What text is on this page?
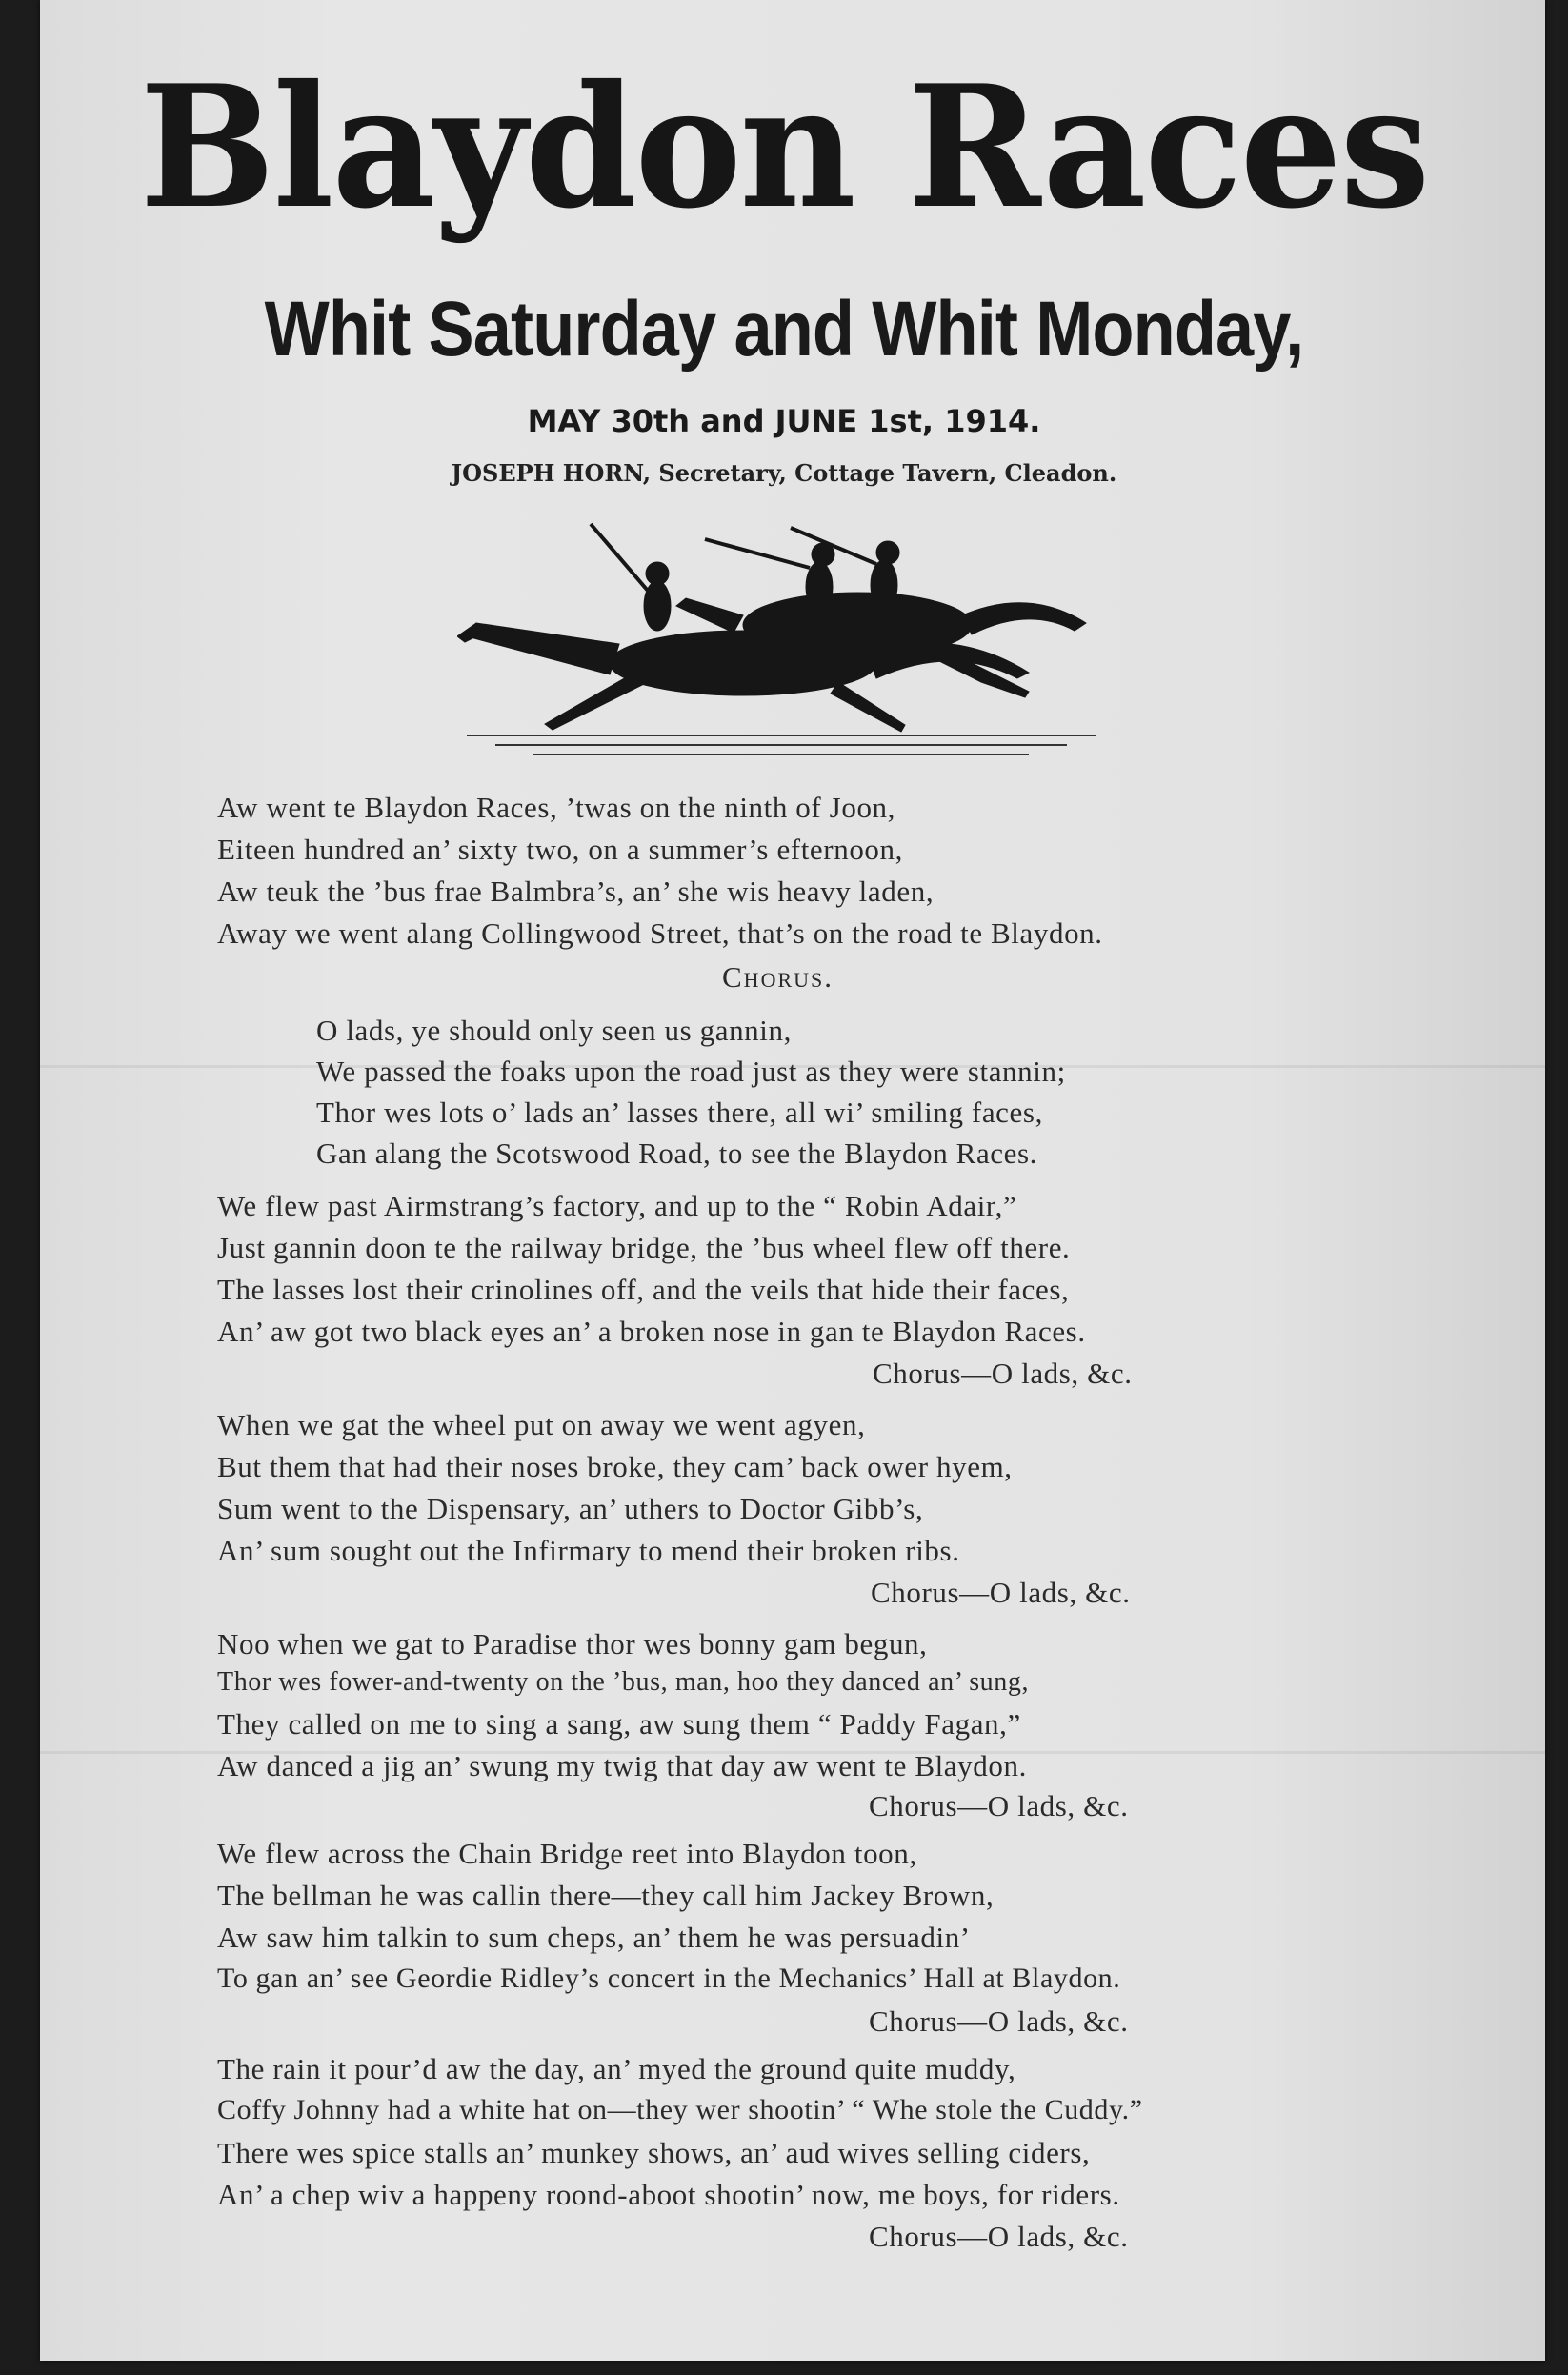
Blaydon Races
Whit Saturday and Whit Monday,
MAY 30th and JUNE 1st, 1914.
JOSEPH HORN, Secretary, Cottage Tavern, Cleadon.
Aw went te Blaydon Races, ’twas on the ninth of Joon,
Eiteen hundred an’ sixty two, on a summer’s efternoon,
Aw teuk the ’bus frae Balmbra’s, an’ she wis heavy laden,
Away we went alang Collingwood Street, that’s on the road te Blaydon.
Chorus.
O lads, ye should only seen us gannin,
We passed the foaks upon the road just as they were stannin;
Thor wes lots o’ lads an’ lasses there, all wi’ smiling faces,
Gan alang the Scotswood Road, to see the Blaydon Races.
We flew past Airmstrang’s factory, and up to the “ Robin Adair,”
Just gannin doon te the railway bridge, the ’bus wheel flew off there.
The lasses lost their crinolines off, and the veils that hide their faces,
An’ aw got two black eyes an’ a broken nose in gan te Blaydon Races.
Chorus—O lads, &c.
When we gat the wheel put on away we went agyen,
But them that had their noses broke, they cam’ back ower hyem,
Sum went to the Dispensary, an’ uthers to Doctor Gibb’s,
An’ sum sought out the Infirmary to mend their broken ribs.
Chorus—O lads, &c.
Noo when we gat to Paradise thor wes bonny gam begun,
Thor wes fower-and-twenty on the ’bus, man, hoo they danced an’ sung,
They called on me to sing a sang, aw sung them “ Paddy Fagan,”
Aw danced a jig an’ swung my twig that day aw went te Blaydon.
Chorus—O lads, &c.
We flew across the Chain Bridge reet into Blaydon toon,
The bellman he was callin there—they call him Jackey Brown,
Aw saw him talkin to sum cheps, an’ them he was persuadin’
To gan an’ see Geordie Ridley’s concert in the Mechanics’ Hall at Blaydon.
Chorus—O lads, &c.
The rain it pour’d aw the day, an’ myed the ground quite muddy,
Coffy Johnny had a white hat on—they wer shootin’ “ Whe stole the Cuddy.”
There wes spice stalls an’ munkey shows, an’ aud wives selling ciders,
An’ a chep wiv a happeny roond-aboot shootin’ now, me boys, for riders.
Chorus—O lads, &c.
